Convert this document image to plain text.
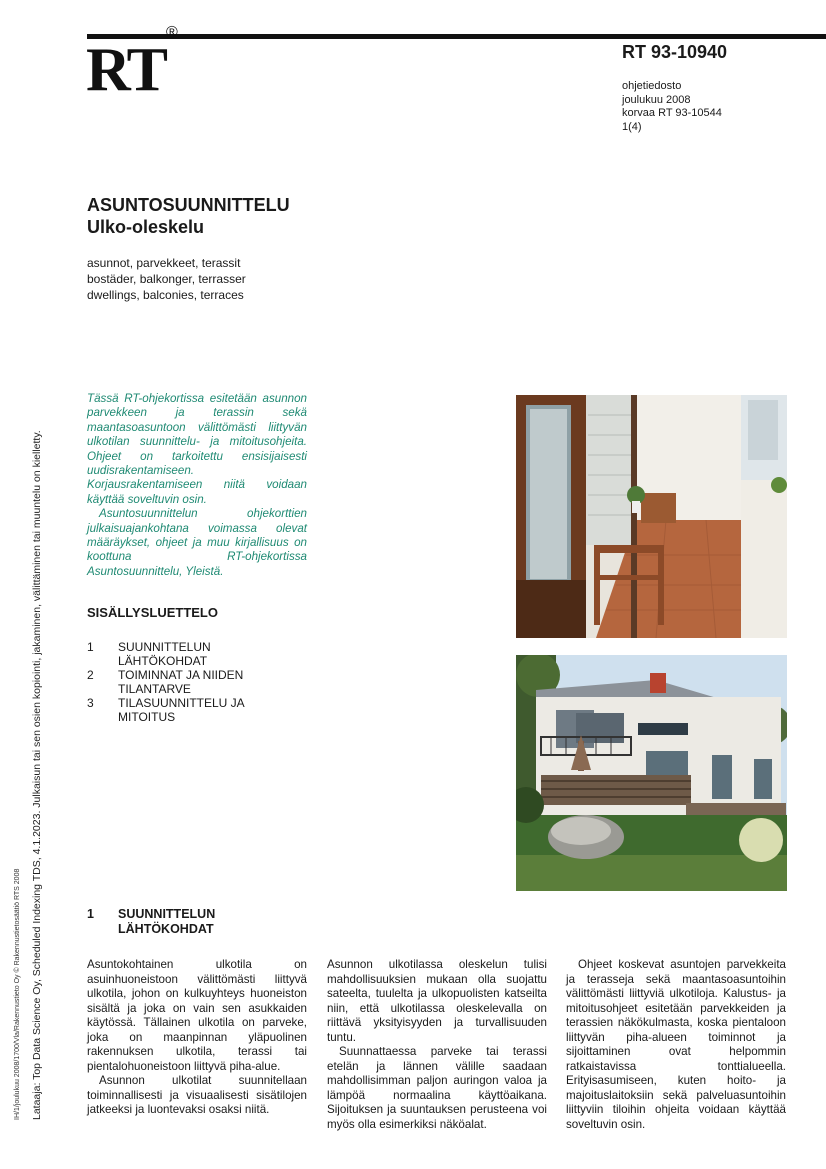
RT®
RT 93-10940
ohjetiedosto
joulukuu 2008
korvaa RT 93-10544
1(4)
ASUNTOSUUNNITTELU
Ulko-oleskelu
asunnot, parvekkeet, terassit
bostäder, balkonger, terrasser
dwellings, balconies, terraces

Tässä RT-ohjekortissa esitetään asunnon parvekkeen ja terassin sekä maantasoasuntoon välittömästi liittyvän ulkotilan suunnittelu- ja mitoitusohjeita. Ohjeet on tarkoitettu ensisijaisesti uudisrakentamiseen. Korjausrakentamiseen niitä voidaan käyttää soveltuvin osin.

Asuntosuunnittelun ohjekorttien julkaisuajankohtana voimassa olevat määräykset, ohjeet ja muu kirjallisuus on koottuna RT-ohjekortissa Asuntosuunnittelu, Yleistä.

SISÄLLYSLUETTELO
1	SUUNNITTELUN LÄHTÖKOHDAT
2	TOIMINNAT JA NIIDEN TILANTARVE
3	TILASUUNNITTELU JA MITOITUS
1	SUUNNITTELUN LÄHTÖKOHDAT

Asuntokohtainen ulkotila on asuinhuoneistoon välittömästi liittyvä ulkotila, johon on kulkuyhteys huoneiston sisältä ja joka on vain sen asukkaiden käytössä. Tällainen ulkotila on parveke, joka on maanpinnan yläpuolinen rakennuksen ulkotila, terassi tai pientalohuoneistoon liittyvä piha-alue.

Asunnon ulkotilat suunnitellaan toiminnallisesti ja visuaalisesti sisätilojen jatkeeksi ja luontevaksi osaksi niitä.

Asunnon ulkotilassa oleskelun tulisi mahdollisuuksien mukaan olla suojattu sateelta, tuulelta ja ulkopuolisten katseilta niin, että ulkotilassa oleskelevalla on riittävä yksityisyyden ja turvallisuuden tuntu.

Suunnattaessa parveke tai terassi etelän ja lännen välille saadaan mahdollisimman paljon auringon valoa ja lämpöä normaalina käyttöaikana. Sijoituksen ja suuntauksen perusteena voi myös olla esimerkiksi näköalat.

Ohjeet koskevat asuntojen parvekkeita ja terasseja sekä maantasoasuntoihin välittömästi liittyviä ulkotiloja. Kalustus- ja mitoitusohjeet esitetään parvekkeiden ja terassien näkökulmasta, koska pientaloon liittyvän piha-alueen toiminnot ja sijoittaminen ovat helpommin ratkaistavissa tonttialueella. Erityisasumiseen, kuten hoito- ja majoituslaitoksiin sekä palveluasuntoihin liittyviin tiloihin ohjeita voidaan käyttää soveltuvin osin.

Lataaja: Top Data Science Oy, Scheduled Indexing TDS, 4.1.2023. Julkaisun tai sen osien kopiointi, jakaminen, välittäminen tai muuntelu on kielletty.
IH/1/joulukuu 2008/1700/Vla/Rakennustieto Oy © Rakennustietosäätiö RTS 2008
